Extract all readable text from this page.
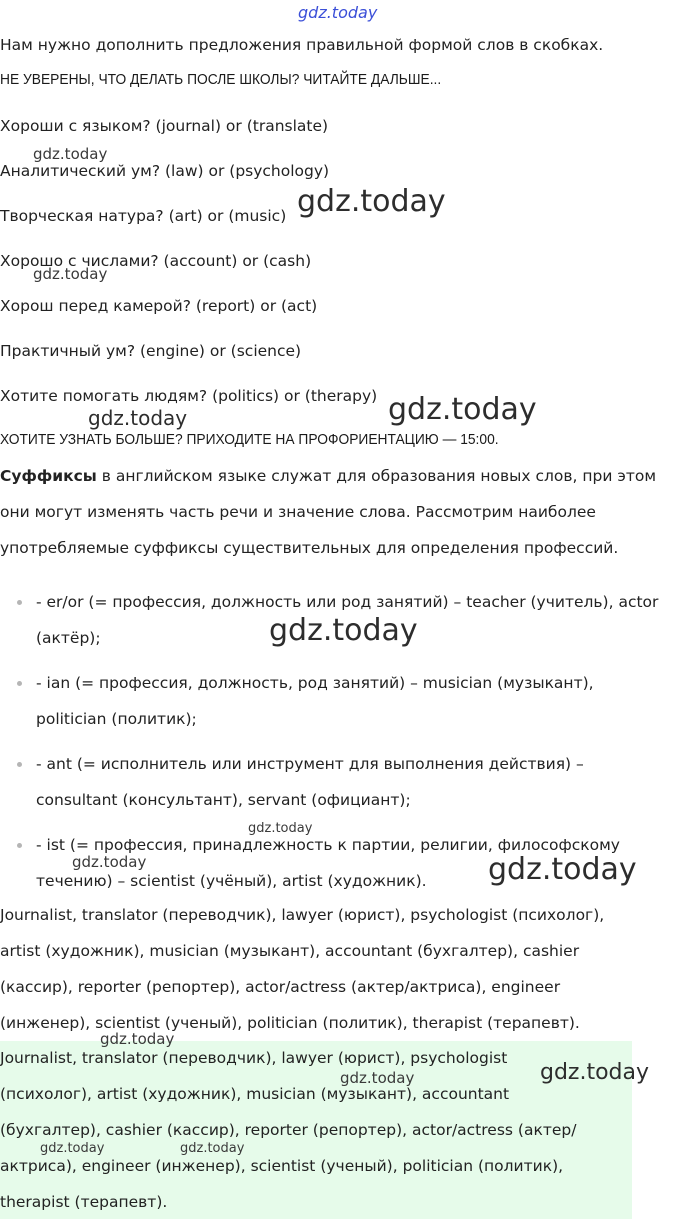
gdz.today

Нам нужно дополнить предложения правильной формой слов в скобках.

НЕ УВЕРЕНЫ, ЧТО ДЕЛАТЬ ПОСЛЕ ШКОЛЫ? ЧИТАЙТЕ ДАЛЬШЕ...

Хороши с языком? (journal) or (translate)

Аналитический ум? (law) or (psychology)

Творческая натура? (art) or (music)

Хорошо с числами? (account) or (cash)

Хорош перед камерой? (report) or (act)

Практичный ум? (engine) or (science)

Хотите помогать людям? (politics) or (therapy)

ХОТИТЕ УЗНАТЬ БОЛЬШЕ? ПРИХОДИТЕ НА ПРОФОРИЕНТАЦИЮ — 15:00.

Суффиксы в английском языке служат для образования новых слов, при этом

они могут изменять часть речи и значение слова. Рассмотрим наиболее

употребляемые суффиксы существительных для определения профессий.

- er/or (= профессия, должность или род занятий) – teacher (учитель), actor

(актёр);

- ian (= профессия, должность, род занятий) – musician (музыкант),

politician (политик);

- ant (= исполнитель или инструмент для выполнения действия) –

consultant (консультант), servant (официант);

- ist (= профессия, принадлежность к партии, религии, философскому

течению) – scientist (учёный), artist (художник).

Journalist, translator (переводчик), lawyer (юрист), psychologist (психолог),

artist (художник), musician (музыкант), accountant (бухгалтер), cashier

(кассир), reporter (репортер), actor/actress (актер/актриса), engineer

(инженер), scientist (ученый), politician (политик), therapist (терапевт).

Journalist, translator (переводчик), lawyer (юрист), psychologist

(психолог), artist (художник), musician (музыкант), accountant

(бухгалтер), cashier (кассир), reporter (репортер), actor/actress (актер/

актриса), engineer (инженер), scientist (ученый), politician (политик),

therapist (терапевт).

gdz.today
gdz.today
gdz.today
gdz.today
gdz.today
gdz.today
gdz.today
gdz.today	gdz.today
gdz.today
gdz.today	gdz.today
gdz.today	gdz.today
